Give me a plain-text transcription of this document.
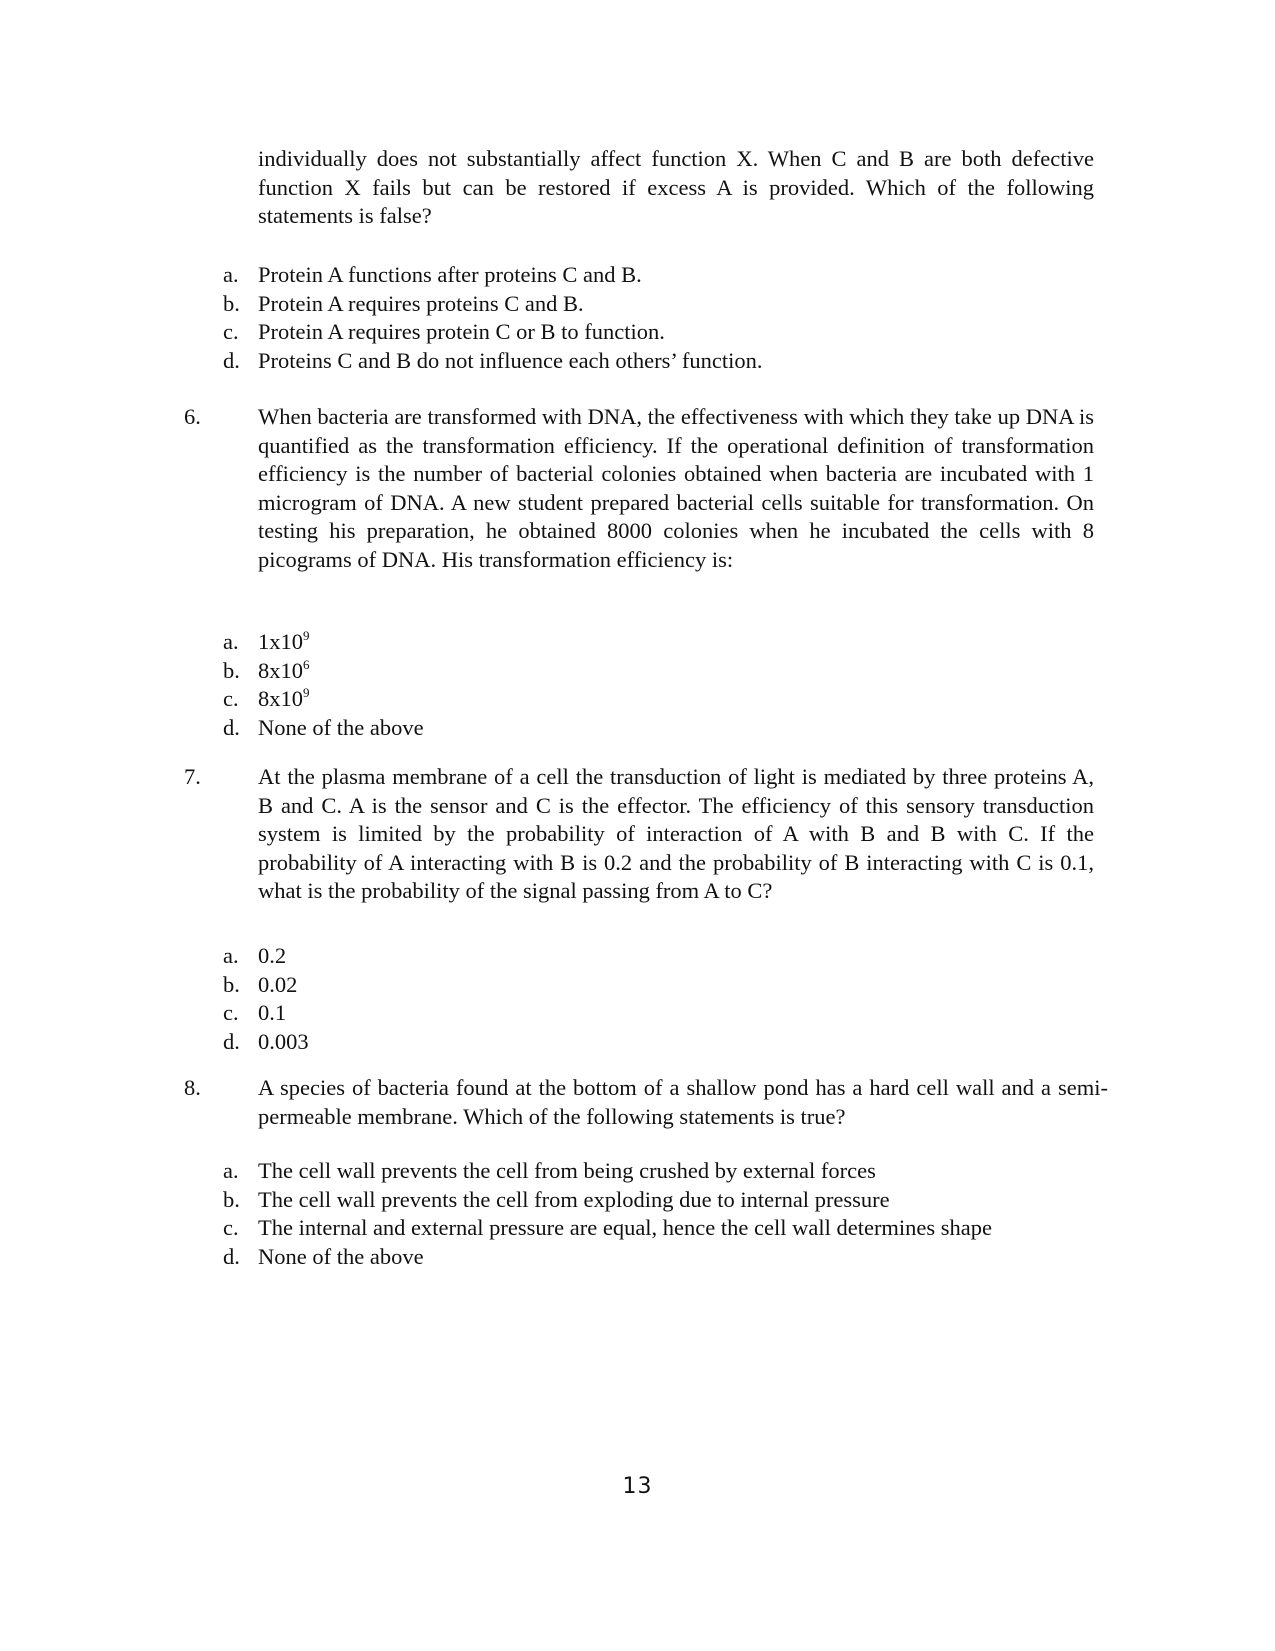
individually does not substantially affect function X. When C and B are both defective function X fails but can be restored if excess A is provided. Which of the following statements is false?

a. Protein A functions after proteins C and B.
b. Protein A requires proteins C and B.
c. Protein A requires protein C or B to function.
d. Proteins C and B do not influence each others’ function.
6.	When bacteria are transformed with DNA, the effectiveness with which they take up DNA is quantified as the transformation efficiency. If the operational definition of transformation efficiency is the number of bacterial colonies obtained when bacteria are incubated with 1 microgram of DNA. A new student prepared bacterial cells suitable for transformation. On testing his preparation, he obtained 8000 colonies when he incubated the cells with 8 picograms of DNA. His transformation efficiency is:

a. $1x10^9$
b. $8x10^6$
c. $8x10^9$
d. None of the above
7.	At the plasma membrane of a cell the transduction of light is mediated by three proteins A, B and C. A is the sensor and C is the effector. The efficiency of this sensory transduction system is limited by the probability of interaction of A with B and B with C. If the probability of A interacting with B is 0.2 and the probability of B interacting with C is 0.1, what is the probability of the signal passing from A to C?

a. 0.2
b. 0.02
c. 0.1
d. 0.003
8.	A species of bacteria found at the bottom of a shallow pond has a hard cell wall and a semi-permeable membrane. Which of the following statements is true?

a. The cell wall prevents the cell from being crushed by external forces
b. The cell wall prevents the cell from exploding due to internal pressure
c. The internal and external pressure are equal, hence the cell wall determines shape
d. None of the above
13
